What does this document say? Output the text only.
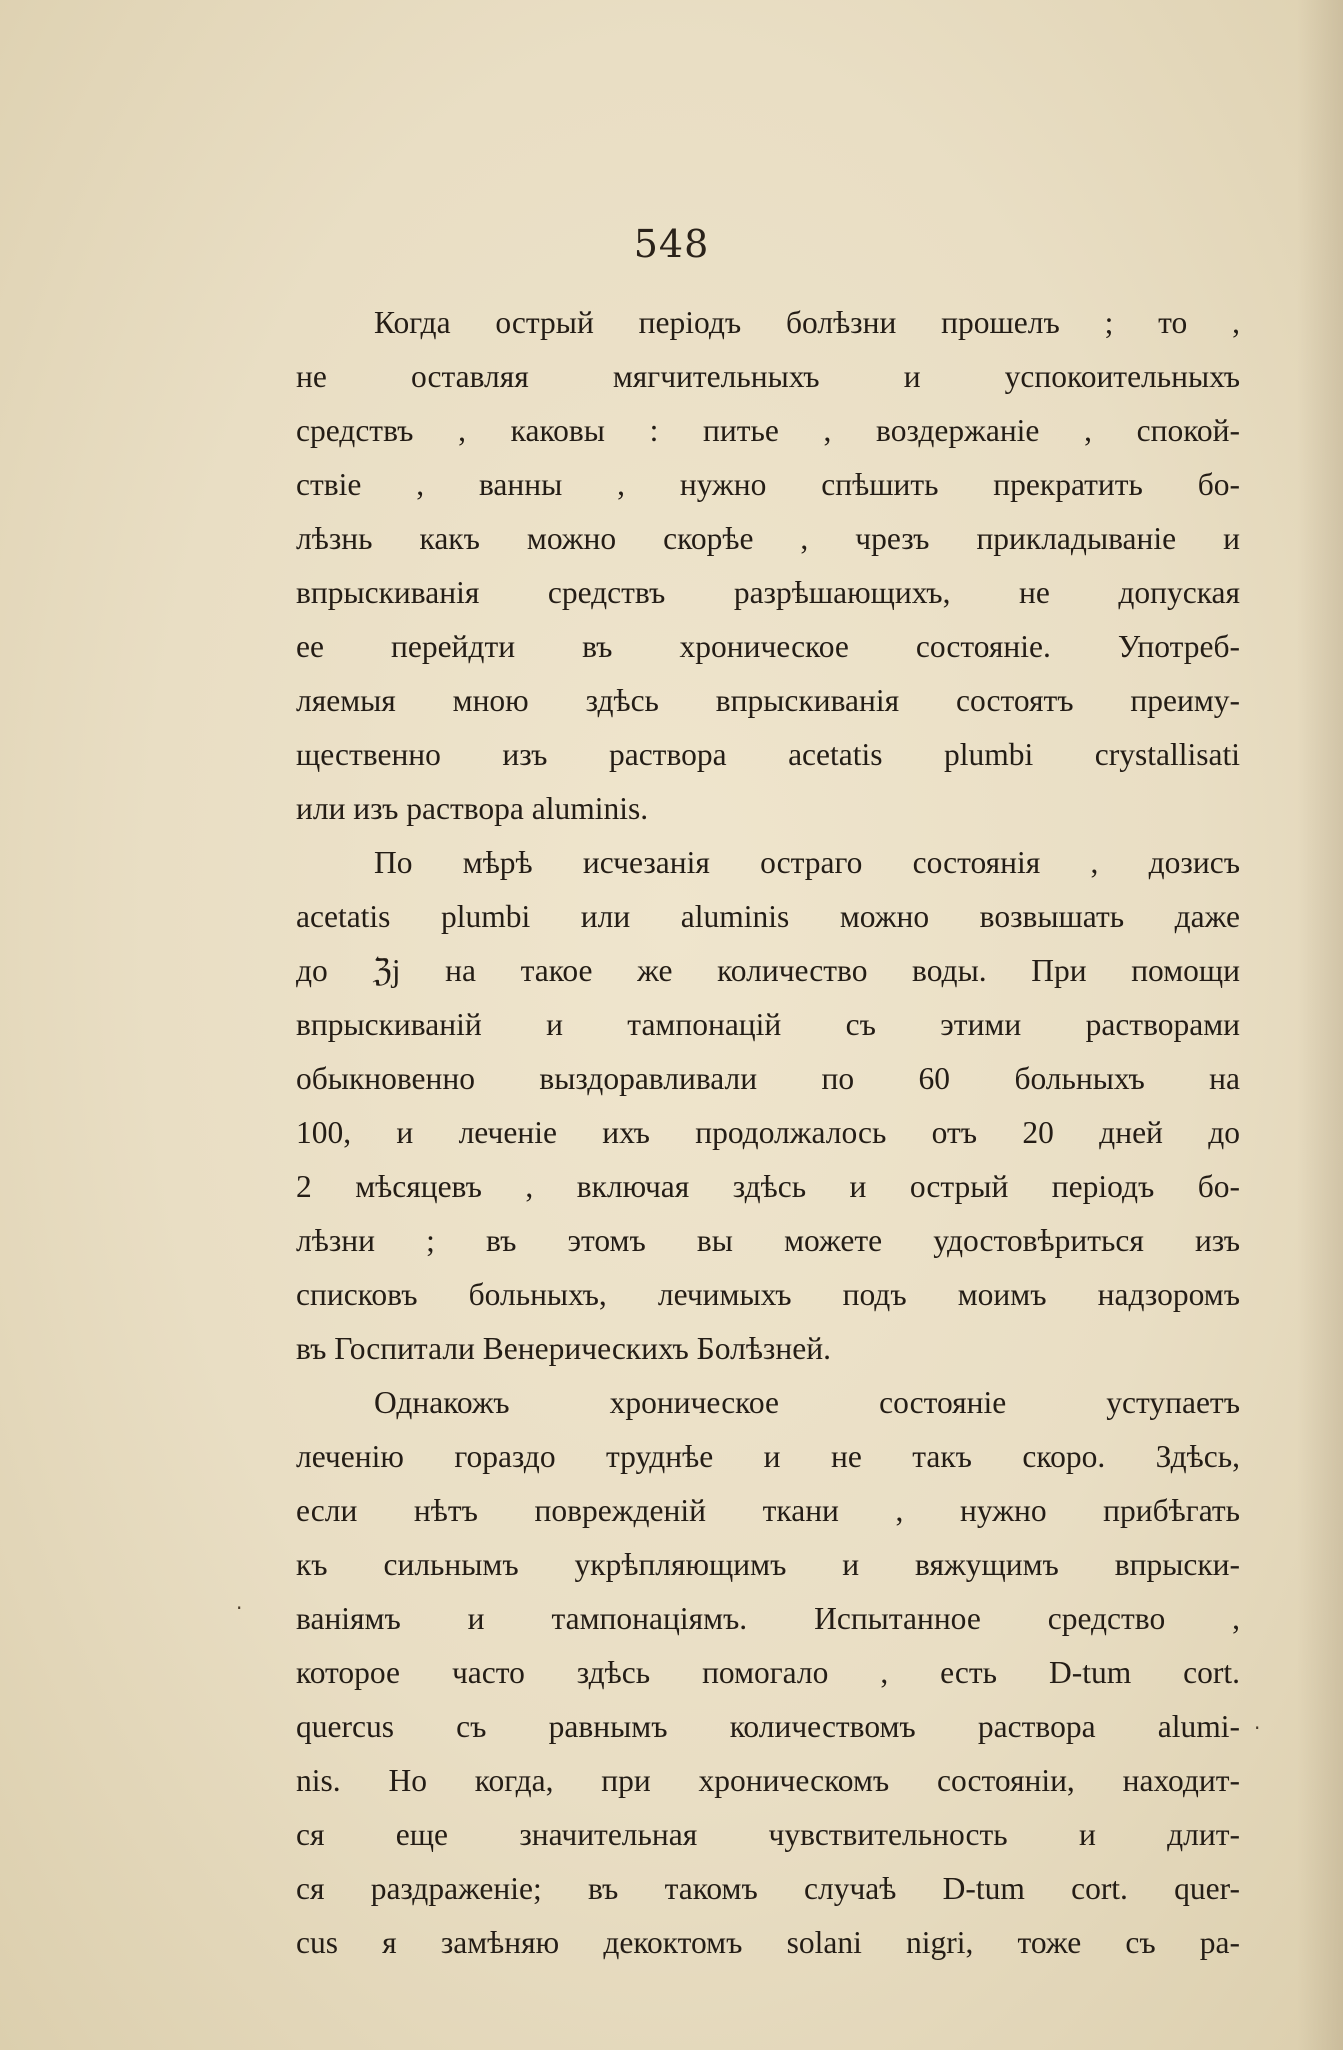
548
Когда острый періодъ болѣзни прошелъ ; то ,
не оставляя мягчительныхъ и успокоительныхъ
средствъ , каковы : питье , воздержаніе , спокой-
ствіе , ванны , нужно спѣшить прекратить бо-
лѣзнь какъ можно скорѣе , чрезъ прикладываніе и
впрыскиванія средствъ разрѣшающихъ, не допуская
ее перейдти въ хроническое состояніе. Употреб-
ляемыя мною здѣсь впрыскиванія состоятъ преиму-
щественно изъ раствора acetatis plumbi crystallisati
или изъ раствора aluminis.
По мѣрѣ исчезанія остраго состоянія , дозисъ
acetatis plumbi или aluminis можно возвышать даже
до ℨj на такое же количество воды. При помощи
впрыскиваній и тампонацій съ этими растворами
обыкновенно выздоравливали по 60 больныхъ на
100, и леченіе ихъ продолжалось отъ 20 дней до
2 мѣсяцевъ , включая здѣсь и острый періодъ бо-
лѣзни ; въ этомъ вы можете удостовѣриться изъ
списковъ больныхъ, лечимыхъ подъ моимъ надзоромъ
въ Госпитали Венерическихъ Болѣзней.
Однакожъ хроническое состояніе уступаетъ
леченію гораздо труднѣе и не такъ скоро. Здѣсь,
если нѣтъ поврежденій ткани , нужно прибѣгать
къ сильнымъ укрѣпляющимъ и вяжущимъ впрыски-
ваніямъ и тампонаціямъ. Испытанное средство ,
которое часто здѣсь помогало , есть D-tum cort.
quercus съ равнымъ количествомъ раствора alumi-
nis. Но когда, при хроническомъ состояніи, находит-
ся еще значительная чувствительность и длит-
ся раздраженіе; въ такомъ случаѣ D-tum cort. quer-
cus я замѣняю декоктомъ solani nigri, тоже съ ра-
·
·
